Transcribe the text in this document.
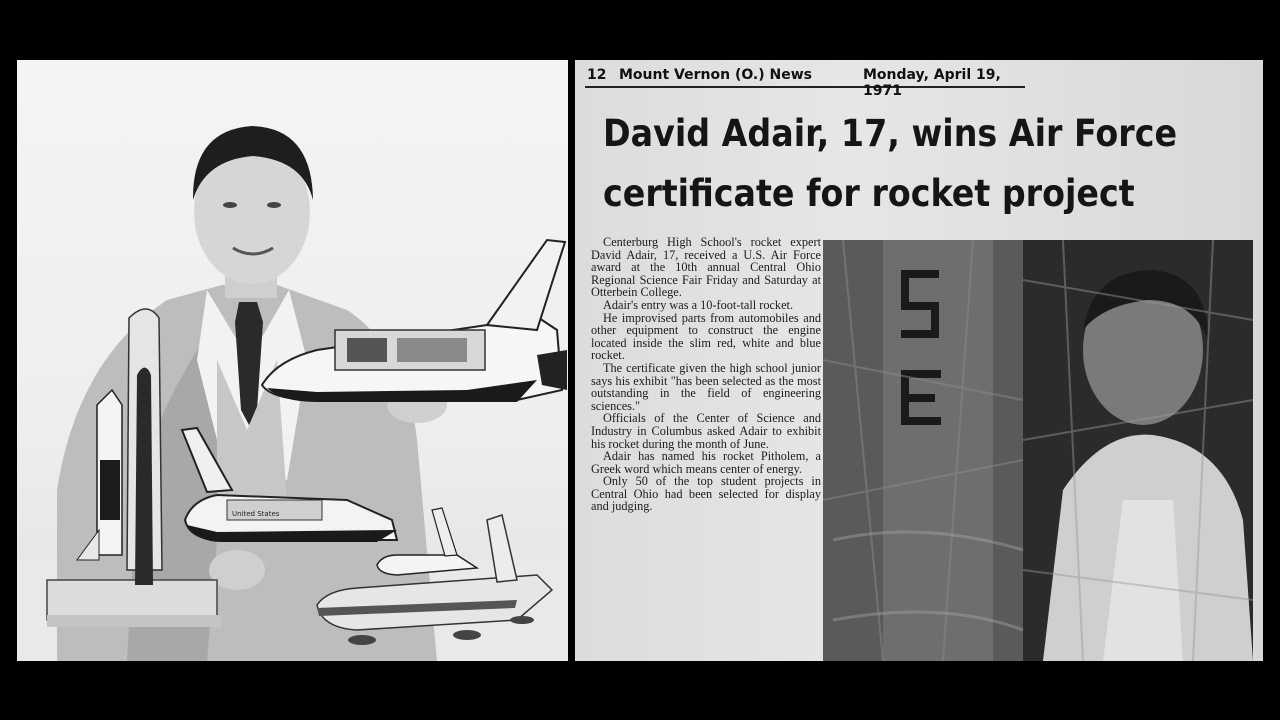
United States
12 Mount Vernon (O.) News	Monday, April 19, 1971
David Adair, 17, wins Air Force
certificate for rocket project

Centerburg High School's rocket expert David Adair, 17, received a U.S. Air Force award at the 10th annual Central Ohio Regional Science Fair Friday and Saturday at Otterbein College.

Adair's entry was a 10-foot-tall rocket.

He improvised parts from automobiles and other equipment to construct the engine located inside the slim red, white and blue rocket.

The certificate given the high school junior says his exhibit "has been selected as the most outstanding in the field of engineering sciences."

Officials of the Center of Science and Industry in Columbus asked Adair to exhibit his rocket during the month of June.

Adair has named his rocket Pitholem, a Greek word which means center of energy.

Only 50 of the top student projects in Central Ohio had been selected for display and judging.
